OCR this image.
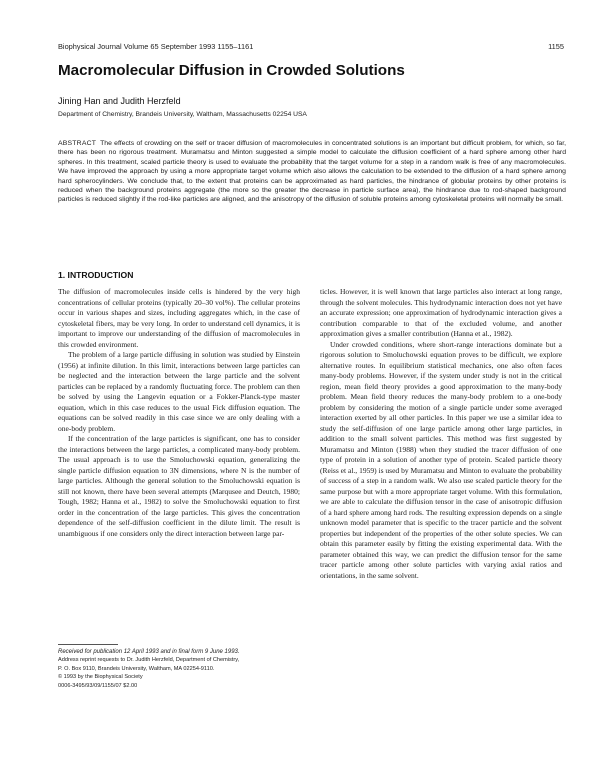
Biophysical Journal Volume 65 September 1993 1155–1161	1155
Macromolecular Diffusion in Crowded Solutions
Jining Han and Judith Herzfeld
Department of Chemistry, Brandeis University, Waltham, Massachusetts 02254 USA

ABSTRACT The effects of crowding on the self or tracer diffusion of macromolecules in concentrated solutions is an important but difficult problem, for which, so far, there has been no rigorous treatment. Muramatsu and Minton suggested a simple model to calculate the diffusion coefficient of a hard sphere among other hard spheres. In this treatment, scaled particle theory is used to evaluate the probability that the target volume for a step in a random walk is free of any macromolecules. We have improved the approach by using a more appropriate target volume which also allows the calculation to be extended to the diffusion of a hard sphere among hard spherocylinders. We conclude that, to the extent that proteins can be approximated as hard particles, the hindrance of globular proteins by other proteins is reduced when the background proteins aggregate (the more so the greater the decrease in particle surface area), the hindrance due to rod-shaped background particles is reduced slightly if the rod-like particles are aligned, and the anisotropy of the diffusion of soluble proteins among cytoskeletal proteins will normally be small.

1. INTRODUCTION

The diffusion of macromolecules inside cells is hindered by the very high concentrations of cellular proteins (typically 20–30 vol%). The cellular proteins occur in various shapes and sizes, including aggregates which, in the case of cytoskeletal fibers, may be very long. In order to understand cell dynamics, it is important to improve our understanding of the diffusion of macromolecules in this crowded environment.

The problem of a large particle diffusing in solution was studied by Einstein (1956) at infinite dilution. In this limit, interactions between large particles can be neglected and the interaction between the large particle and the solvent particles can be replaced by a randomly fluctuating force. The problem can then be solved by using the Langevin equation or a Fokker-Planck-type master equation, which in this case reduces to the usual Fick diffusion equation. The equations can be solved readily in this case since we are only dealing with a one-body problem.

If the concentration of the large particles is significant, one has to consider the interactions between the large particles, a complicated many-body problem. The usual approach is to use the Smoluchowski equation, generalizing the single particle diffusion equation to 3N dimensions, where N is the number of large particles. Although the general solution to the Smoluchowski equation is still not known, there have been several attempts (Marqusee and Deutch, 1980; Tough, 1982; Hanna et al., 1982) to solve the Smoluchowski equation to first order in the concentration of the large particles. This gives the concentration dependence of the self-diffusion coefficient in the dilute limit. The result is unambiguous if one considers only the direct interaction between large par-

ticles. However, it is well known that large particles also interact at long range, through the solvent molecules. This hydrodynamic interaction does not yet have an accurate expression; one approximation of hydrodynamic interaction gives a contribution comparable to that of the excluded volume, and another approximation gives a smaller contribution (Hanna et al., 1982).

Under crowded conditions, where short-range interactions dominate but a rigorous solution to Smoluchowski equation proves to be difficult, we explore alternative routes. In equilibrium statistical mechanics, one also often faces many-body problems. However, if the system under study is not in the critical region, mean field theory provides a good approximation to the many-body problem. Mean field theory reduces the many-body problem to a one-body problem by considering the motion of a single particle under some averaged interaction exerted by all other particles. In this paper we use a similar idea to study the self-diffusion of one large particle among other large particles, in addition to the small solvent particles. This method was first suggested by Muramatsu and Minton (1988) when they studied the tracer diffusion of one type of protein in a solution of another type of protein. Scaled particle theory (Reiss et al., 1959) is used by Muramatsu and Minton to evaluate the probability of success of a step in a random walk. We also use scaled particle theory for the same purpose but with a more appropriate target volume. With this formulation, we are able to calculate the diffusion tensor in the case of anisotropic diffusion of a hard sphere among hard rods. The resulting expression depends on a single unknown model parameter that is specific to the tracer particle and the solvent properties but independent of the properties of the other solute species. We can obtain this parameter easily by fitting the existing experimental data. With the parameter obtained this way, we can predict the diffusion tensor for the same tracer particle among other solute particles with varying axial ratios and orientations, in the same solvent.

Received for publication 12 April 1993 and in final form 9 June 1993.
Address reprint requests to Dr. Judith Herzfeld, Department of Chemistry,
P. O. Box 9110, Brandeis University, Waltham, MA 02254-9110.
© 1993 by the Biophysical Society
0006-3495/93/09/1155/07 $2.00
